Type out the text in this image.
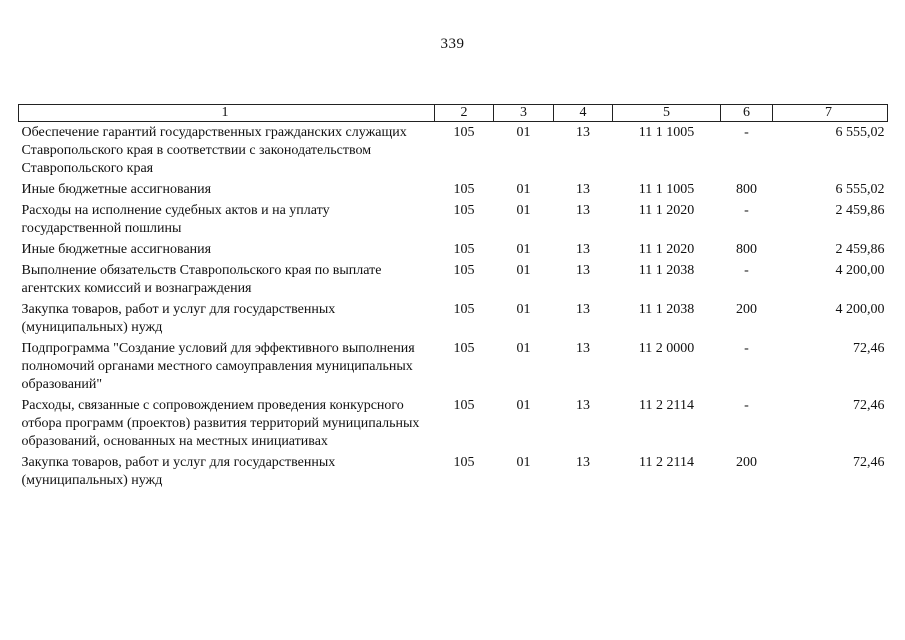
339
1	2	3	4	5	6	7
Обеспечение гарантий государственных гражданских служащих Ставропольского края в соответствии с законодательством Ставропольского края	105	01	13	11 1 1005	-	6 555,02
Иные бюджетные ассигнования	105	01	13	11 1 1005	800	6 555,02
Расходы на исполнение судебных актов и на уплату государственной пошлины	105	01	13	11 1 2020	-	2 459,86
Иные бюджетные ассигнования	105	01	13	11 1 2020	800	2 459,86
Выполнение обязательств Ставропольского края по выплате агентских комиссий и вознаграждения	105	01	13	11 1 2038	-	4 200,00
Закупка товаров, работ и услуг для государственных (муниципальных) нужд	105	01	13	11 1 2038	200	4 200,00
Подпрограмма "Создание условий для эффективного выполнения полномочий органами местного самоуправления муниципальных образований"	105	01	13	11 2 0000	-	72,46
Расходы, связанные с сопровождением проведения конкурсного отбора программ (проектов) развития территорий муниципальных образований, основанных на местных инициативах	105	01	13	11 2 2114	-	72,46
Закупка товаров, работ и услуг для государственных (муниципальных) нужд	105	01	13	11 2 2114	200	72,46
